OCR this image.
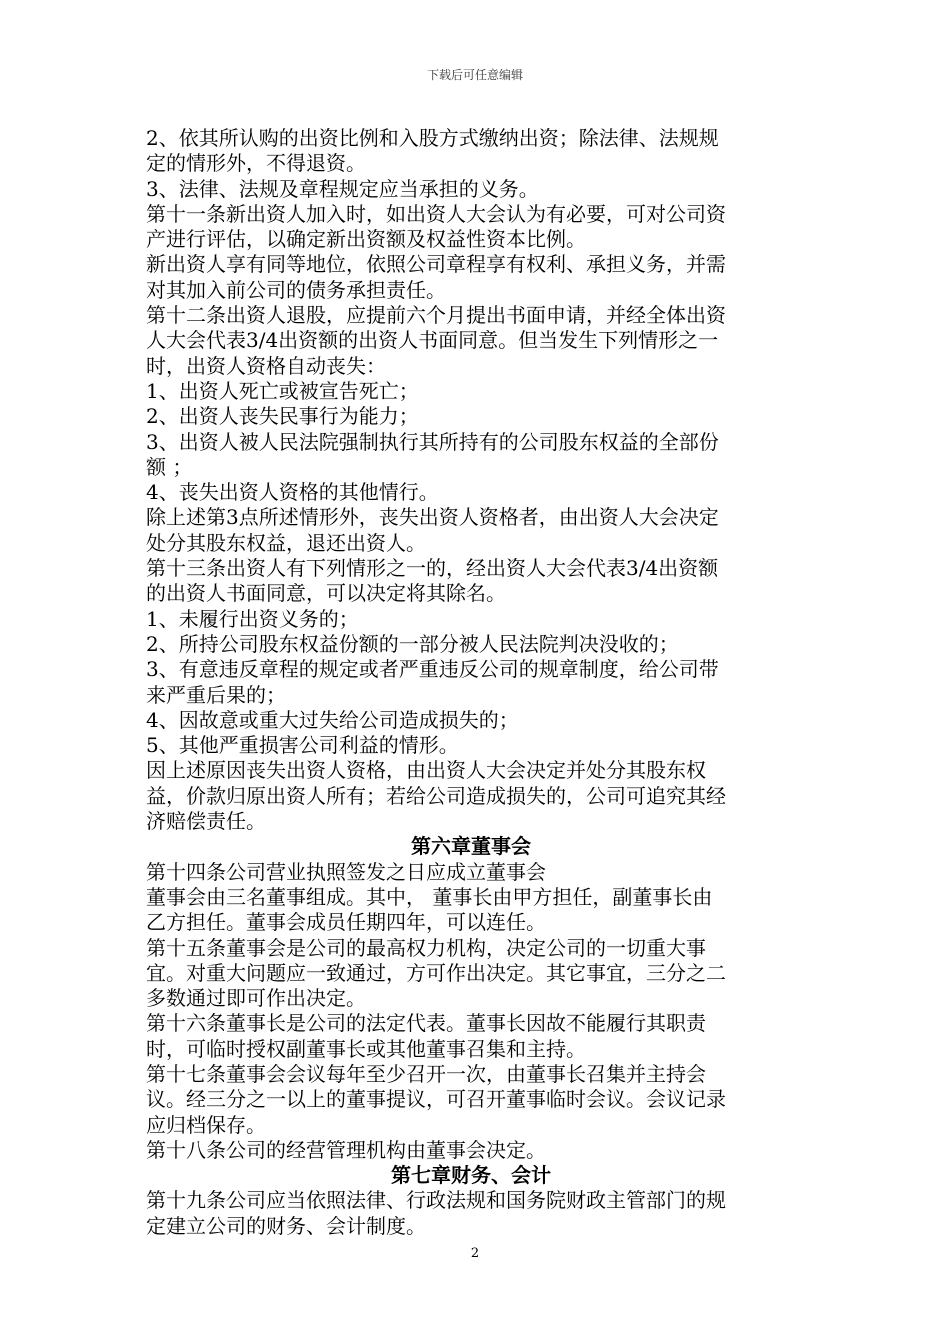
下载后可任意编辑
2、依其所认购的出资比例和入股方式缴纳出资；除法律、法规规
定的情形外，不得退资。
3、法律、法规及章程规定应当承担的义务。
第十一条新出资人加入时，如出资人大会认为有必要，可对公司资
产进行评估，以确定新出资额及权益性资本比例。
新出资人享有同等地位，依照公司章程享有权利、承担义务，并需
对其加入前公司的债务承担责任。
第十二条出资人退股，应提前六个月提出书面申请，并经全体出资
人大会代表3/4出资额的出资人书面同意。但当发生下列情形之一
时，出资人资格自动丧失：
1、出资人死亡或被宣告死亡；
2、出资人丧失民事行为能力；
3、出资人被人民法院强制执行其所持有的公司股东权益的全部份
额 ；
4、丧失出资人资格的其他情行。
除上述第3点所述情形外，丧失出资人资格者，由出资人大会决定
处分其股东权益，退还出资人。
第十三条出资人有下列情形之一的，经出资人大会代表3/4出资额
的出资人书面同意，可以决定将其除名。
1、未履行出资义务的；
2、所持公司股东权益份额的一部分被人民法院判决没收的；
3、有意违反章程的规定或者严重违反公司的规章制度，给公司带
来严重后果的；
4、因故意或重大过失给公司造成损失的；
5、其他严重损害公司利益的情形。
因上述原因丧失出资人资格，由出资人大会决定并处分其股东权
益，价款归原出资人所有；若给公司造成损失的，公司可追究其经
济赔偿责任。
第六章董事会
第十四条公司营业执照签发之日应成立董事会
董事会由三名董事组成。其中， 董事长由甲方担任，副董事长由
乙方担任。董事会成员任期四年，可以连任。
第十五条董事会是公司的最高权力机构，决定公司的一切重大事
宜。对重大问题应一致通过，方可作出决定。其它事宜，三分之二
多数通过即可作出决定。
第十六条董事长是公司的法定代表。董事长因故不能履行其职责
时，可临时授权副董事长或其他董事召集和主持。
第十七条董事会会议每年至少召开一次，由董事长召集并主持会
议。经三分之一以上的董事提议，可召开董事临时会议。会议记录
应归档保存。
第十八条公司的经营管理机构由董事会决定。
第七章财务、会计
第十九条公司应当依照法律、行政法规和国务院财政主管部门的规
定建立公司的财务、会计制度。
2
